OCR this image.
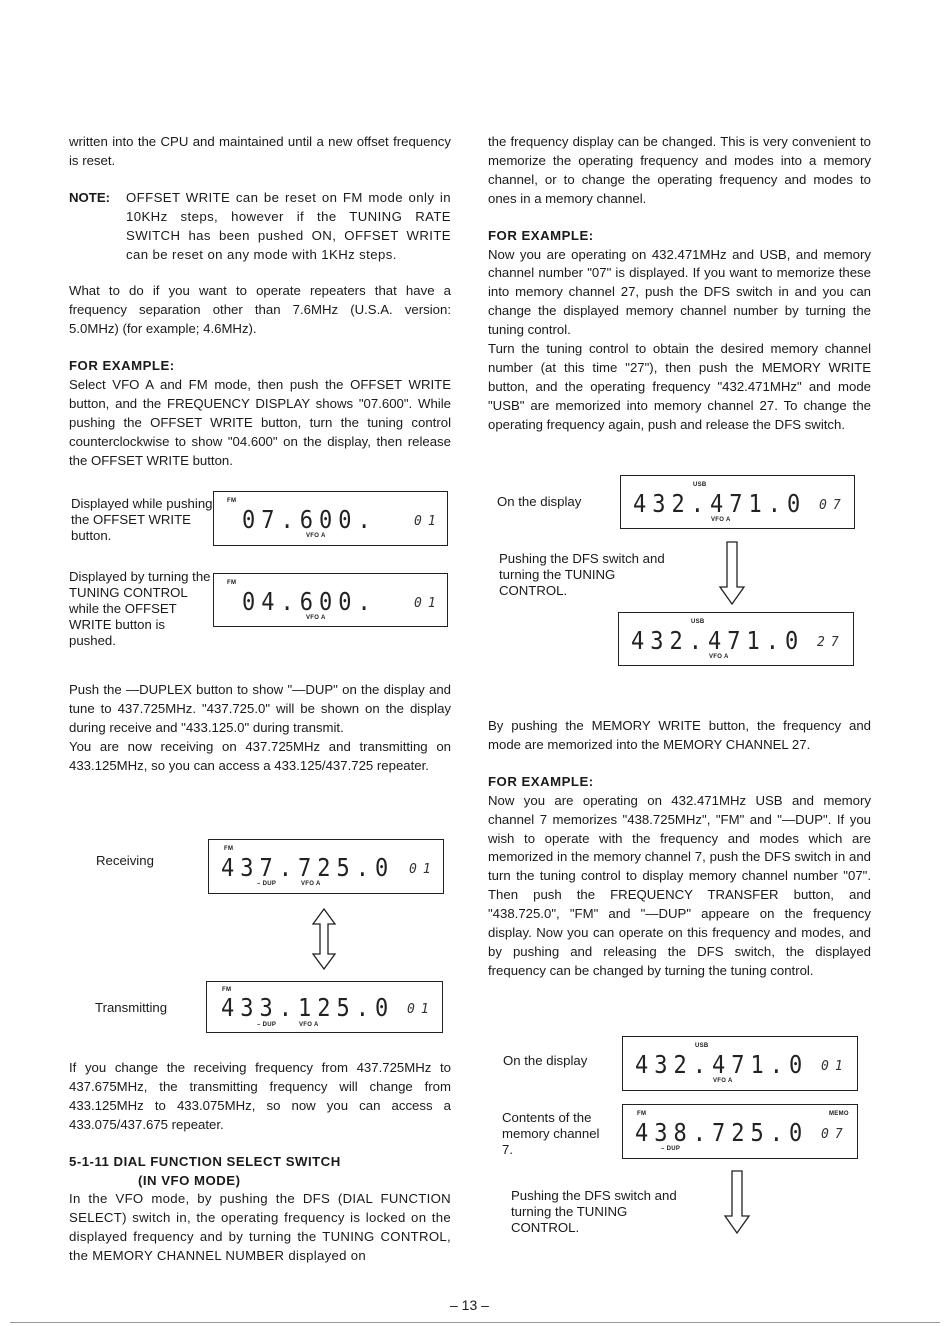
written into the CPU and maintained until a new offset frequency is reset.

NOTE: OFFSET WRITE can be reset on FM mode only in 10KHz steps, however if the TUNING RATE SWITCH has been pushed ON, OFFSET WRITE can be reset on any mode with 1KHz steps.

What to do if you want to operate repeaters that have a frequency separation other than 7.6MHz (U.S.A. version: 5.0MHz) (for example; 4.6MHz).

FOR EXAMPLE:

Select VFO A and FM mode, then push the OFFSET WRITE button, and the FREQUENCY DISPLAY shows "07.600". While pushing the OFFSET WRITE button, turn the tuning control counterclockwise to show "04.600" on the display, then release the OFFSET WRITE button.

Displayed while pushing the OFFSET WRITE button.
FM
07.600.
VFO A
01
Displayed by turning the TUNING CONTROL while the OFFSET WRITE button is pushed.
FM
04.600.
VFO A
01

Push the —DUPLEX button to show "—DUP" on the display and tune to 437.725MHz. "437.725.0" will be shown on the display during receive and "433.125.0" during transmit.

You are now receiving on 437.725MHz and transmitting on 433.125MHz, so you can access a 433.125/437.725 repeater.

Receiving
FM
437.725.0
– DUP	VFO A
01
Transmitting
FM
433.125.0
– DUP	VFO A
01

If you change the receiving frequency from 437.725MHz to 437.675MHz, the transmitting frequency will change from 433.125MHz to 433.075MHz, so now you can access a 433.075/437.675 repeater.

5-1-11 DIAL FUNCTION SELECT SWITCH

(IN VFO MODE)

In the VFO mode, by pushing the DFS (DIAL FUNCTION SELECT) switch in, the operating frequency is locked on the displayed frequency and by turning the TUNING CONTROL, the MEMORY CHANNEL NUMBER displayed on

the frequency display can be changed. This is very convenient to memorize the operating frequency and modes into a memory channel, or to change the operating frequency and modes to ones in a memory channel.

FOR EXAMPLE:

Now you are operating on 432.471MHz and USB, and memory channel number "07" is displayed. If you want to memorize these into memory channel 27, push the DFS switch in and you can change the displayed memory channel number by turning the tuning control.

Turn the tuning control to obtain the desired memory channel number (at this time "27"), then push the MEMORY WRITE button, and the operating frequency "432.471MHz" and mode "USB" are memorized into memory channel 27. To change the operating frequency again, push and release the DFS switch.

On the display
USB
432.471.0
VFO A
07
Pushing the DFS switch and turning the TUNING CONTROL.
USB
432.471.0
VFO A
27

By pushing the MEMORY WRITE button, the frequency and mode are memorized into the MEMORY CHANNEL 27.

FOR EXAMPLE:

Now you are operating on 432.471MHz USB and memory channel 7 memorizes "438.725MHz", "FM" and "—DUP". If you wish to operate with the frequency and modes which are memorized in the memory channel 7, push the DFS switch in and turn the tuning control to display memory channel number "07". Then push the FREQUENCY TRANSFER button, and "438.725.0", "FM" and "—DUP" appeare on the frequency display. Now you can operate on this frequency and modes, and by pushing and releasing the DFS switch, the displayed frequency can be changed by turning the tuning control.

On the display
USB
432.471.0
VFO A
01
Contents of the memory channel 7.
FM	MEMO
438.725.0
– DUP
07
Pushing the DFS switch and turning the TUNING CONTROL.
– 13 –
